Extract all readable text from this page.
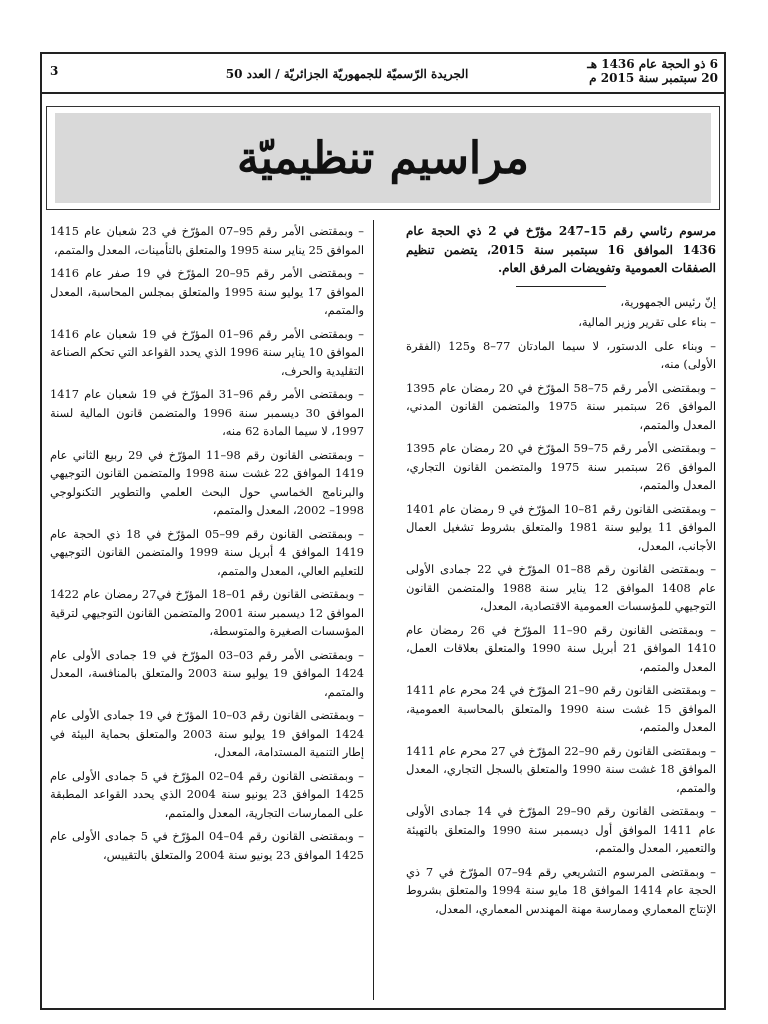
6 ذو الحجة عام 1436 هـ
20 سبتمبر سنة 2015 م
الجريدة الرّسميّة للجمهوريّة الجزائريّة / العدد 50
3
مراسيم تنظيميّة

مرسوم رئاسي رقم 15–247 مؤرّخ في 2 ذي الحجة عام 1436 الموافق 16 سبتمبر سنة 2015، يتضمن تنظيم الصفقات العمومية وتفويضات المرفق العام.

إنّ رئيس الجمهورية،

– بناء على تقرير وزير المالية،

– وبناء على الدستور، لا سيما المادتان 77–8 و125 (الفقرة الأولى) منه،

– وبمقتضى الأمر رقم 75–58 المؤرّخ في 20 رمضان عام 1395 الموافق 26 سبتمبر سنة 1975 والمتضمن القانون المدني، المعدل والمتمم،

– وبمقتضى الأمر رقم 75–59 المؤرّخ في 20 رمضان عام 1395 الموافق 26 سبتمبر سنة 1975 والمتضمن القانون التجاري، المعدل والمتمم،

– وبمقتضى القانون رقم 81–10 المؤرّخ في 9 رمضان عام 1401 الموافق 11 يوليو سنة 1981 والمتعلق بشروط تشغيل العمال الأجانب، المعدل،

– وبمقتضى القانون رقم 88–01 المؤرّخ في 22 جمادى الأولى عام 1408 الموافق 12 يناير سنة 1988 والمتضمن القانون التوجيهي للمؤسسات العمومية الاقتصادية، المعدل،

– وبمقتضى القانون رقم 90–11 المؤرّخ في 26 رمضان عام 1410 الموافق 21 أبريل سنة 1990 والمتعلق بعلاقات العمل، المعدل والمتمم،

– وبمقتضى القانون رقم 90–21 المؤرّخ في 24 محرم عام 1411 الموافق 15 غشت سنة 1990 والمتعلق بالمحاسبة العمومية، المعدل والمتمم،

– وبمقتضى القانون رقم 90–22 المؤرّخ في 27 محرم عام 1411 الموافق 18 غشت سنة 1990 والمتعلق بالسجل التجاري، المعدل والمتمم،

– وبمقتضى القانون رقم 90–29 المؤرّخ في 14 جمادى الأولى عام 1411 الموافق أول ديسمبر سنة 1990 والمتعلق بالتهيئة والتعمير، المعدل والمتمم،

– وبمقتضى المرسوم التشريعي رقم 94–07 المؤرّخ في 7 ذي الحجة عام 1414 الموافق 18 مايو سنة 1994 والمتعلق بشروط الإنتاج المعماري وممارسة مهنة المهندس المعماري، المعدل،

– وبمقتضى الأمر رقم 95–07 المؤرّخ في 23 شعبان عام 1415 الموافق 25 يناير سنة 1995 والمتعلق بالتأمينات، المعدل والمتمم،

– وبمقتضى الأمر رقم 95–20 المؤرّخ في 19 صفر عام 1416 الموافق 17 يوليو سنة 1995 والمتعلق بمجلس المحاسبة، المعدل والمتمم،

– وبمقتضى الأمر رقم 96–01 المؤرّخ في 19 شعبان عام 1416 الموافق 10 يناير سنة 1996 الذي يحدد القواعد التي تحكم الصناعة التقليدية والحرف،

– وبمقتضى الأمر رقم 96–31 المؤرّخ في 19 شعبان عام 1417 الموافق 30 ديسمبر سنة 1996 والمتضمن قانون المالية لسنة 1997، لا سيما المادة 62 منه،

– وبمقتضى القانون رقم 98–11 المؤرّخ في 29 ربيع الثاني عام 1419 الموافق 22 غشت سنة 1998 والمتضمن القانون التوجيهي والبرنامج الخماسي حول البحث العلمي والتطوير التكنولوجي 1998– 2002، المعدل والمتمم،

– وبمقتضى القانون رقم 99–05 المؤرّخ في 18 ذي الحجة عام 1419 الموافق 4 أبريل سنة 1999 والمتضمن القانون التوجيهي للتعليم العالي، المعدل والمتمم،

– وبمقتضى القانون رقم 01–18 المؤرّخ في27 رمضان عام 1422 الموافق 12 ديسمبر سنة 2001 والمتضمن القانون التوجيهي لترقية المؤسسات الصغيرة والمتوسطة،

– وبمقتضى الأمر رقم 03–03 المؤرّخ في 19 جمادى الأولى عام 1424 الموافق 19 يوليو سنة 2003 والمتعلق بالمنافسة، المعدل والمتمم،

– وبمقتضى القانون رقم 03–10 المؤرّخ في 19 جمادى الأولى عام 1424 الموافق 19 يوليو سنة 2003 والمتعلق بحماية البيئة في إطار التنمية المستدامة، المعدل،

– وبمقتضى القانون رقم 04–02 المؤرّخ في 5 جمادى الأولى عام 1425 الموافق 23 يونيو سنة 2004 الذي يحدد القواعد المطبقة على الممارسات التجارية، المعدل والمتمم،

– وبمقتضى القانون رقم 04–04 المؤرّخ في 5 جمادى الأولى عام 1425 الموافق 23 يونيو سنة 2004 والمتعلق بالتقييس،
